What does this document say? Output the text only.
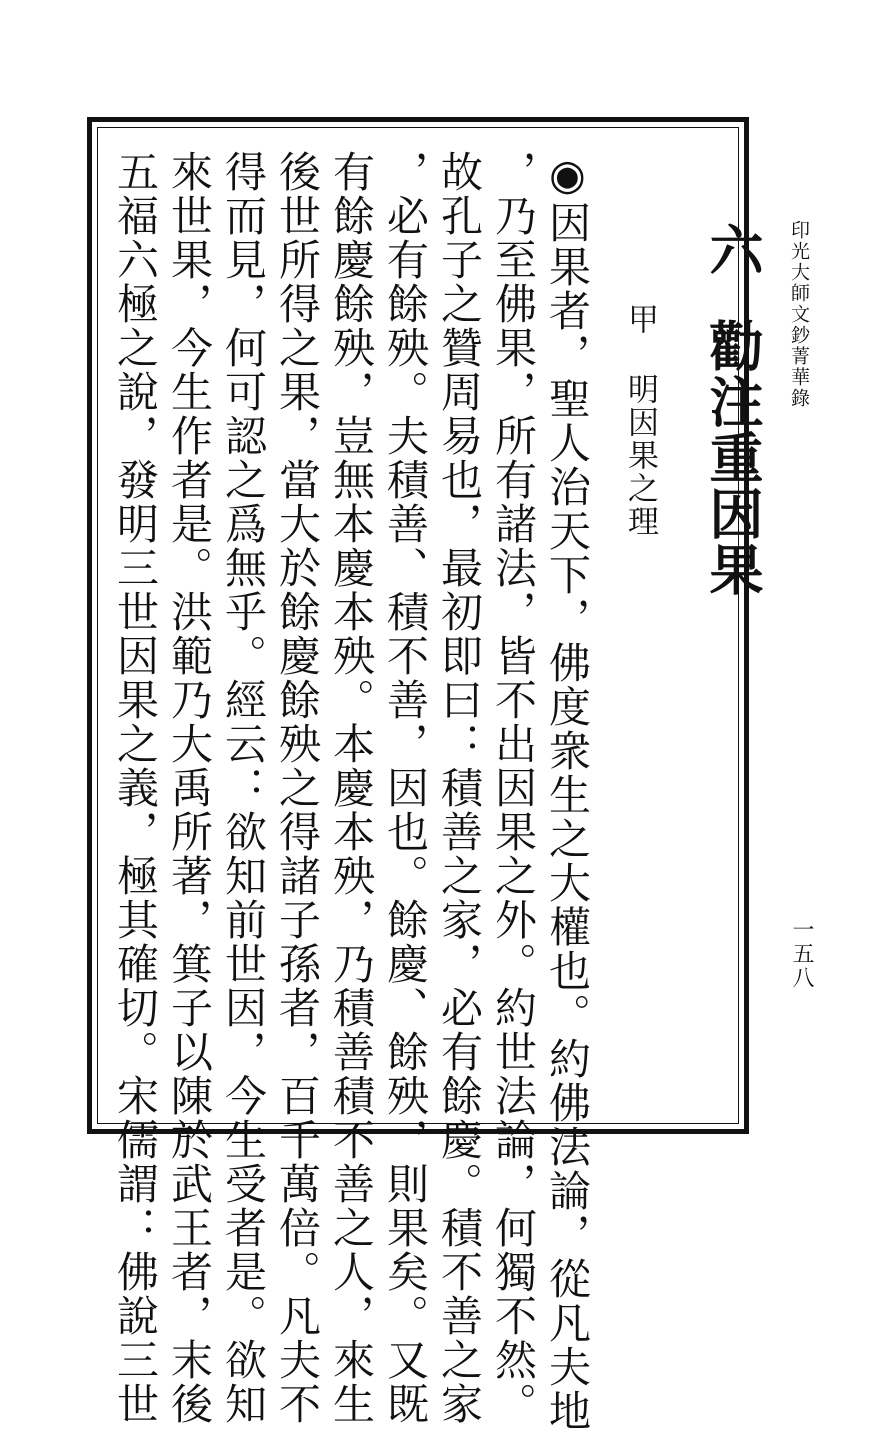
印光大師文鈔菁華錄
一五八
六
勸注重因果
甲
明因果之理
◉因果者，聖人治天下，佛度衆生之大權也。約佛法論，從凡夫地
，乃至佛果，所有諸法，皆不出因果之外。約世法論，何獨不然。
故孔子之贊周易也，最初即曰：積善之家，必有餘慶。積不善之家
，必有餘殃。夫積善、積不善，因也。餘慶、餘殃，則果矣。又既
有餘慶餘殃，豈無本慶本殃。本慶本殃，乃積善積不善之人，來生
後世所得之果，當大於餘慶餘殃之得諸子孫者，百千萬倍。凡夫不
得而見，何可認之爲無乎。經云：欲知前世因，今生受者是。欲知
來世果，今生作者是。洪範乃大禹所著，箕子以陳於武王者，末後
五福六極之說，發明三世因果之義，極其確切。宋儒謂：佛說三世
